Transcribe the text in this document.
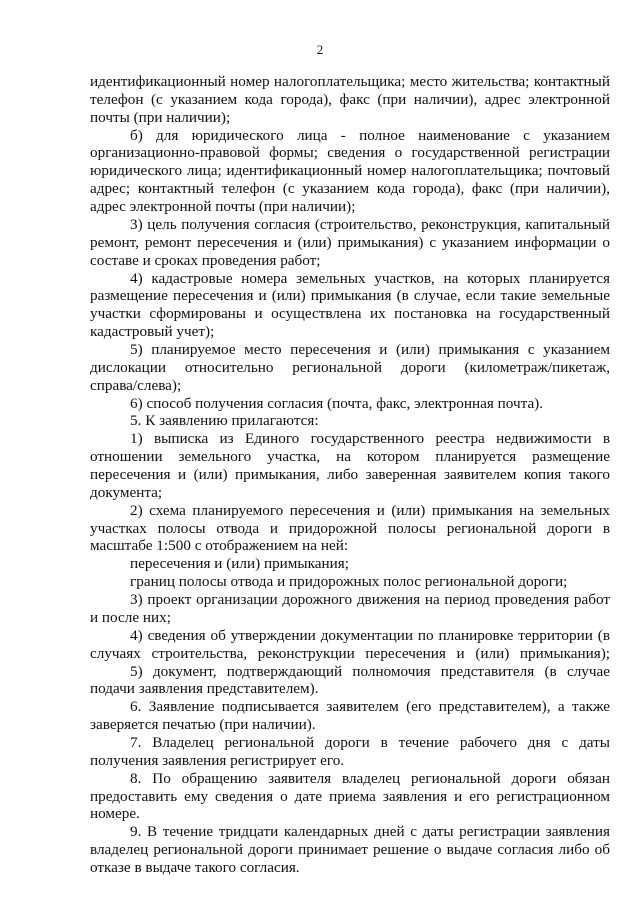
2
идентификационный номер налогоплательщика; место жительства; контактный
телефон (с указанием кода города), факс (при наличии), адрес электронной
почты (при наличии);
б) для юридического лица - полное наименование с указанием
организационно-правовой формы; сведения о государственной регистрации
юридического лица; идентификационный номер налогоплательщика; почтовый
адрес; контактный телефон (с указанием кода города), факс (при наличии),
адрес электронной почты (при наличии);
3) цель получения согласия (строительство, реконструкция, капитальный
ремонт, ремонт пересечения и (или) примыкания) с указанием информации о
составе и сроках проведения работ;
4) кадастровые номера земельных участков, на которых планируется
размещение пересечения и (или) примыкания (в случае, если такие земельные
участки сформированы и осуществлена их постановка на государственный
кадастровый учет);
5) планируемое место пересечения и (или) примыкания с указанием
дислокации относительно региональной дороги (километраж/пикетаж,
справа/слева);
6) способ получения согласия (почта, факс, электронная почта).
5. К заявлению прилагаются:
1) выписка из Единого государственного реестра недвижимости в
отношении земельного участка, на котором планируется размещение
пересечения и (или) примыкания, либо заверенная заявителем копия такого
документа;
2) схема планируемого пересечения и (или) примыкания на земельных
участках полосы отвода и придорожной полосы региональной дороги в
масштабе 1:500 с отображением на ней:
пересечения и (или) примыкания;
границ полосы отвода и придорожных полос региональной дороги;
3) проект организации дорожного движения на период проведения работ
и после них;
4) сведения об утверждении документации по планировке территории (в
случаях строительства, реконструкции пересечения и (или) примыкания);
5) документ, подтверждающий полномочия представителя (в случае
подачи заявления представителем).
6. Заявление подписывается заявителем (его представителем), а также
заверяется печатью (при наличии).
7. Владелец региональной дороги в течение рабочего дня с даты
получения заявления регистрирует его.
8. По обращению заявителя владелец региональной дороги обязан
предоставить ему сведения о дате приема заявления и его регистрационном
номере.
9. В течение тридцати календарных дней с даты регистрации заявления
владелец региональной дороги принимает решение о выдаче согласия либо об
отказе в выдаче такого согласия.
